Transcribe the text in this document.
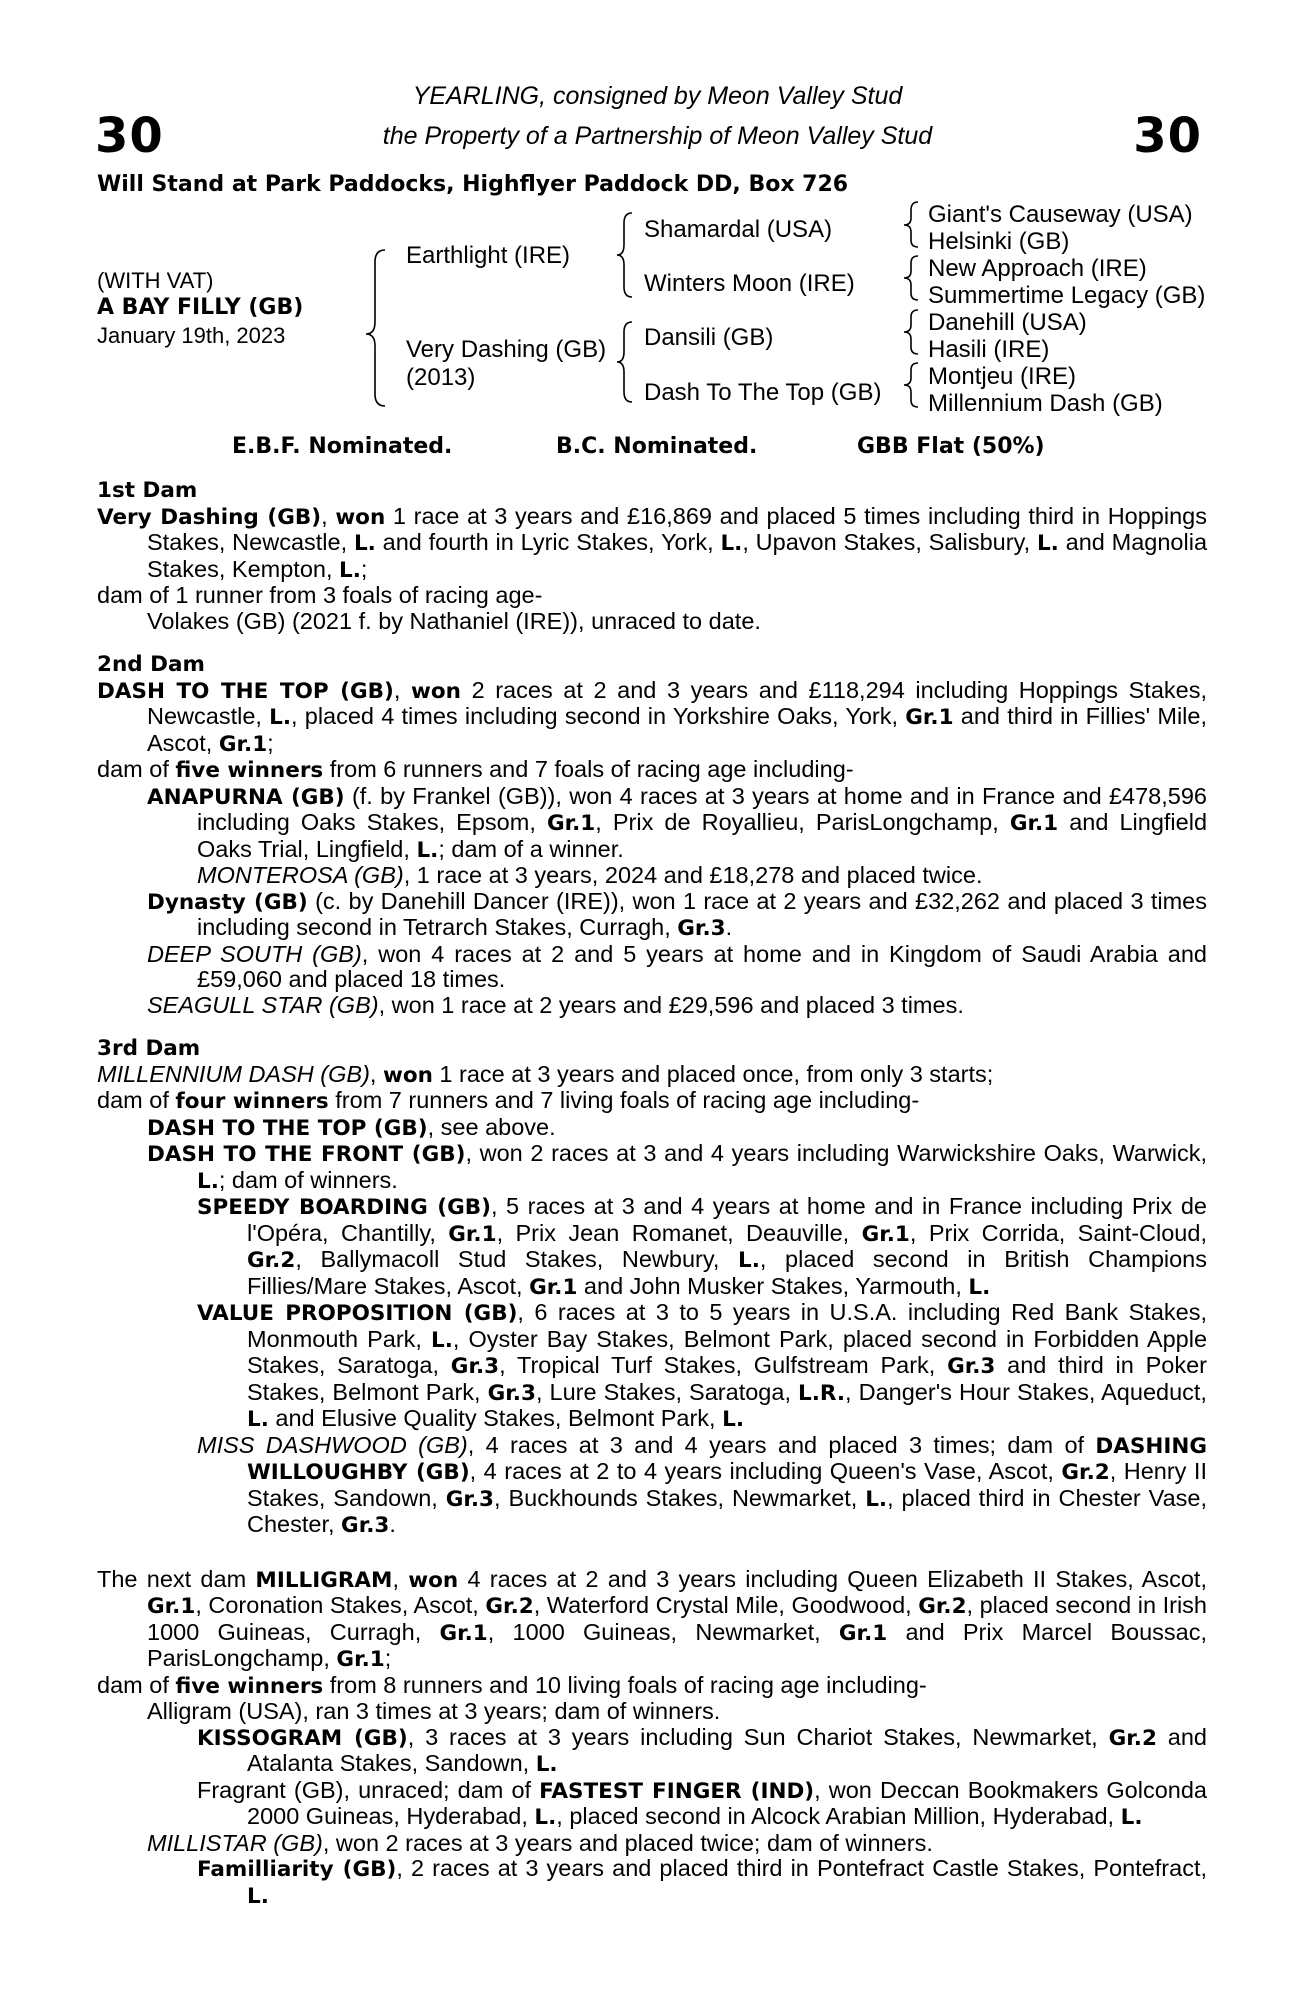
30	30
YEARLING, consigned by Meon Valley Stud
the Property of a Partnership of Meon Valley Stud
Will Stand at Park Paddocks, Highflyer Paddock DD, Box 726
(WITH VAT)
A BAY FILLY (GB)
January 19th, 2023
Earthlight (IRE)
Very Dashing (GB)
(2013)
Shamardal (USA)
Winters Moon (IRE)
Dansili (GB)
Dash To The Top (GB)
Giant's Causeway (USA)
Helsinki (GB)
New Approach (IRE)
Summertime Legacy (GB)
Danehill (USA)
Hasili (IRE)
Montjeu (IRE)
Millennium Dash (GB)
E.B.F. Nominated.	B.C. Nominated.	GBB Flat (50%)
1st Dam
Very Dashing (GB), won 1 race at 3 years and £16,869 and placed 5 times including third in Hoppings Stakes, Newcastle, L. and fourth in Lyric Stakes, York, L., Upavon Stakes, Salisbury, L. and Magnolia Stakes, Kempton, L.;
dam of 1 runner from 3 foals of racing age-
Volakes (GB) (2021 f. by Nathaniel (IRE)), unraced to date.
2nd Dam
DASH TO THE TOP (GB), won 2 races at 2 and 3 years and £118,294 including Hoppings Stakes, Newcastle, L., placed 4 times including second in Yorkshire Oaks, York, Gr.1 and third in Fillies' Mile, Ascot, Gr.1;
dam of five winners from 6 runners and 7 foals of racing age including-
ANAPURNA (GB) (f. by Frankel (GB)), won 4 races at 3 years at home and in France and £478,596 including Oaks Stakes, Epsom, Gr.1, Prix de Royallieu, ParisLongchamp, Gr.1 and Lingfield Oaks Trial, Lingfield, L.; dam of a winner.
MONTEROSA (GB), 1 race at 3 years, 2024 and £18,278 and placed twice.
Dynasty (GB) (c. by Danehill Dancer (IRE)), won 1 race at 2 years and £32,262 and placed 3 times including second in Tetrarch Stakes, Curragh, Gr.3.
DEEP SOUTH (GB), won 4 races at 2 and 5 years at home and in Kingdom of Saudi Arabia and £59,060 and placed 18 times.
SEAGULL STAR (GB), won 1 race at 2 years and £29,596 and placed 3 times.
3rd Dam
MILLENNIUM DASH (GB), won 1 race at 3 years and placed once, from only 3 starts;
dam of four winners from 7 runners and 7 living foals of racing age including-
DASH TO THE TOP (GB), see above.
DASH TO THE FRONT (GB), won 2 races at 3 and 4 years including Warwickshire Oaks, Warwick, L.; dam of winners.
SPEEDY BOARDING (GB), 5 races at 3 and 4 years at home and in France including Prix de l'Opéra, Chantilly, Gr.1, Prix Jean Romanet, Deauville, Gr.1, Prix Corrida, Saint-Cloud, Gr.2, Ballymacoll Stud Stakes, Newbury, L., placed second in British Champions Fillies/Mare Stakes, Ascot, Gr.1 and John Musker Stakes, Yarmouth, L.
VALUE PROPOSITION (GB), 6 races at 3 to 5 years in U.S.A. including Red Bank Stakes, Monmouth Park, L., Oyster Bay Stakes, Belmont Park, placed second in Forbidden Apple Stakes, Saratoga, Gr.3, Tropical Turf Stakes, Gulfstream Park, Gr.3 and third in Poker Stakes, Belmont Park, Gr.3, Lure Stakes, Saratoga, L.R., Danger's Hour Stakes, Aqueduct, L. and Elusive Quality Stakes, Belmont Park, L.
MISS DASHWOOD (GB), 4 races at 3 and 4 years and placed 3 times; dam of DASHING WILLOUGHBY (GB), 4 races at 2 to 4 years including Queen's Vase, Ascot, Gr.2, Henry II Stakes, Sandown, Gr.3, Buckhounds Stakes, Newmarket, L., placed third in Chester Vase, Chester, Gr.3.
The next dam MILLIGRAM, won 4 races at 2 and 3 years including Queen Elizabeth II Stakes, Ascot, Gr.1, Coronation Stakes, Ascot, Gr.2, Waterford Crystal Mile, Goodwood, Gr.2, placed second in Irish 1000 Guineas, Curragh, Gr.1, 1000 Guineas, Newmarket, Gr.1 and Prix Marcel Boussac, ParisLongchamp, Gr.1;
dam of five winners from 8 runners and 10 living foals of racing age including-
Alligram (USA), ran 3 times at 3 years; dam of winners.
KISSOGRAM (GB), 3 races at 3 years including Sun Chariot Stakes, Newmarket, Gr.2 and Atalanta Stakes, Sandown, L.
Fragrant (GB), unraced; dam of FASTEST FINGER (IND), won Deccan Bookmakers Golconda 2000 Guineas, Hyderabad, L., placed second in Alcock Arabian Million, Hyderabad, L.
MILLISTAR (GB), won 2 races at 3 years and placed twice; dam of winners.
Familliarity (GB), 2 races at 3 years and placed third in Pontefract Castle Stakes, Pontefract, L.
